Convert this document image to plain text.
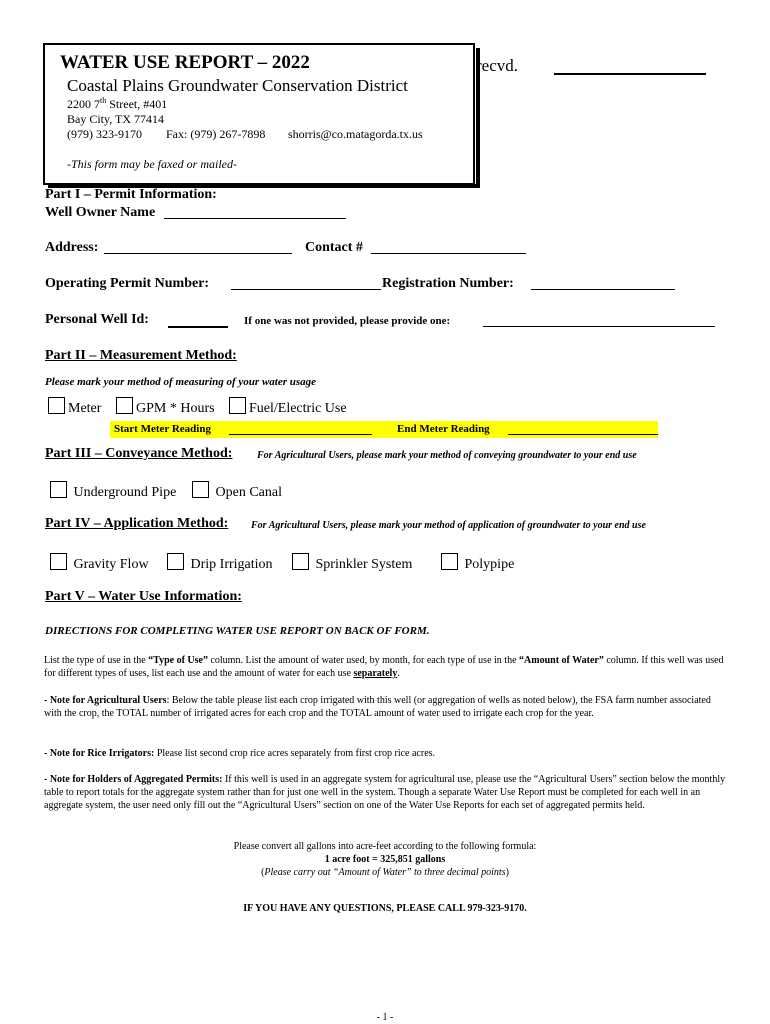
WATER USE REPORT – 2022
Coastal Plains Groundwater Conservation District
2200 7th Street, #401
Bay City, TX 77414
(979) 323-9170 Fax: (979) 267-7898 shorris@co.matagorda.tx.us
-This form may be faxed or mailed-
recvd.
Part I – Permit Information:
Well Owner Name
Address:	Contact #
Operating Permit Number:	Registration Number:
Personal Well Id:	If one was not provided, please provide one:
Part II – Measurement Method:
Please mark your method of measuring of your water usage
Meter	GPM * Hours	Fuel/Electric Use
Start Meter Reading	End Meter Reading
Part III – Conveyance Method: For Agricultural Users, please mark your method of conveying groundwater to your end use
Underground Pipe	Open Canal
Part IV – Application Method: For Agricultural Users, please mark your method of application of groundwater to your end use
Gravity Flow	Drip Irrigation	Sprinkler System	Polypipe
Part V – Water Use Information:
DIRECTIONS FOR COMPLETING WATER USE REPORT ON BACK OF FORM.
List the type of use in the “Type of Use” column. List the amount of water used, by month, for each type of use in the “Amount of Water” column. If this well was used for different types of uses, list each use and the amount of water for each use separately.
- Note for Agricultural Users: Below the table please list each crop irrigated with this well (or aggregation of wells as noted below), the FSA farm number associated with the crop, the TOTAL number of irrigated acres for each crop and the TOTAL amount of water used to irrigate each crop for the year.
- Note for Rice Irrigators: Please list second crop rice acres separately from first crop rice acres.
- Note for Holders of Aggregated Permits: If this well is used in an aggregate system for agricultural use, please use the “Agricultural Users” section below the monthly table to report totals for the aggregate system rather than for just one well in the system. Though a separate Water Use Report must be completed for each well in an aggregate system, the user need only fill out the “Agricultural Users” section on one of the Water Use Reports for each set of aggregated permits held.
Please convert all gallons into acre-feet according to the following formula:
1 acre foot = 325,851 gallons
(Please carry out “Amount of Water” to three decimal points)
IF YOU HAVE ANY QUESTIONS, PLEASE CALL 979-323-9170.
- 1 -
